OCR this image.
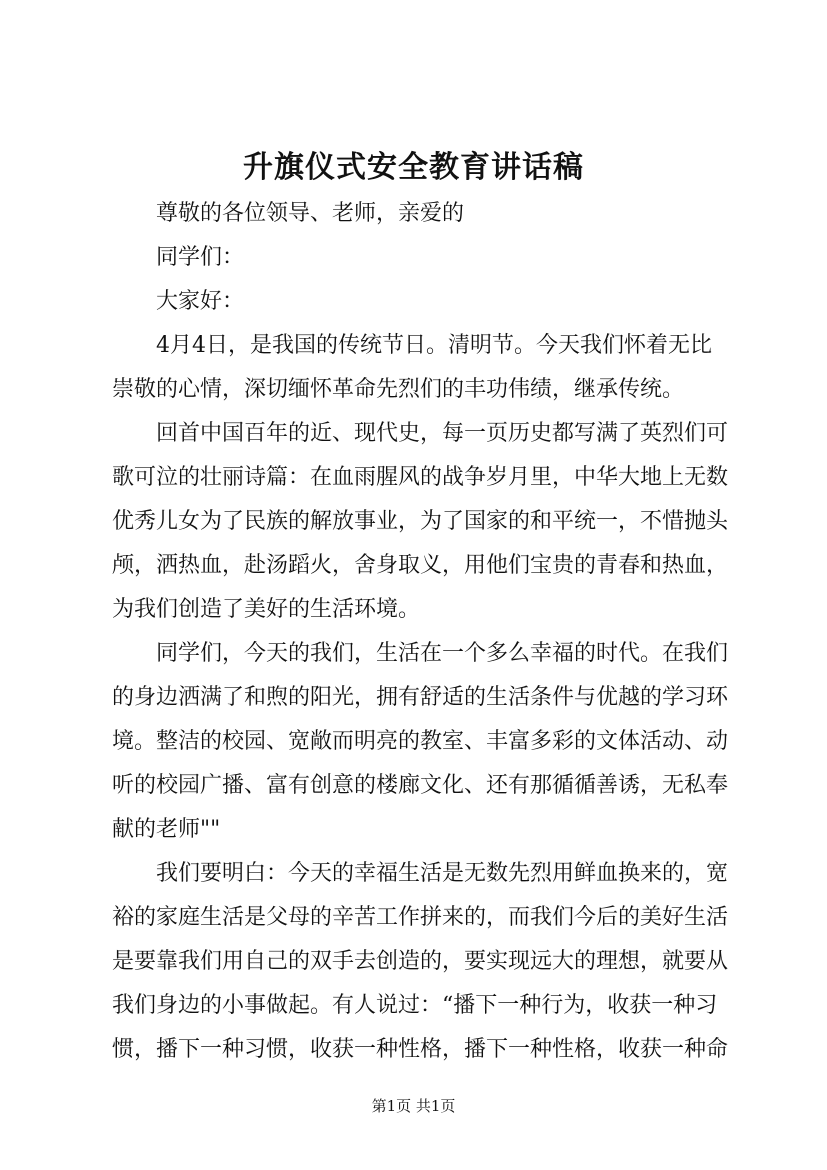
升旗仪式安全教育讲话稿
尊敬的各位领导、老师，亲爱的
同学们：
大家好：
4月4日，是我国的传统节日。清明节。今天我们怀着无比
崇敬的心情，深切缅怀革命先烈们的丰功伟绩，继承传统。
回首中国百年的近、现代史，每一页历史都写满了英烈们可
歌可泣的壮丽诗篇：在血雨腥风的战争岁月里，中华大地上无数
优秀儿女为了民族的解放事业，为了国家的和平统一，不惜抛头
颅，洒热血，赴汤蹈火，舍身取义，用他们宝贵的青春和热血，
为我们创造了美好的生活环境。
同学们，今天的我们，生活在一个多么幸福的时代。在我们
的身边洒满了和煦的阳光，拥有舒适的生活条件与优越的学习环
境。整洁的校园、宽敞而明亮的教室、丰富多彩的文体活动、动
听的校园广播、富有创意的楼廊文化、还有那循循善诱，无私奉
献的老师""
我们要明白：今天的幸福生活是无数先烈用鲜血换来的，宽
裕的家庭生活是父母的辛苦工作拼来的，而我们今后的美好生活
是要靠我们用自己的双手去创造的，要实现远大的理想，就要从
我们身边的小事做起。有人说过：“播下一种行为，收获一种习
惯，播下一种习惯，收获一种性格，播下一种性格，收获一种命
第1页 共1页
